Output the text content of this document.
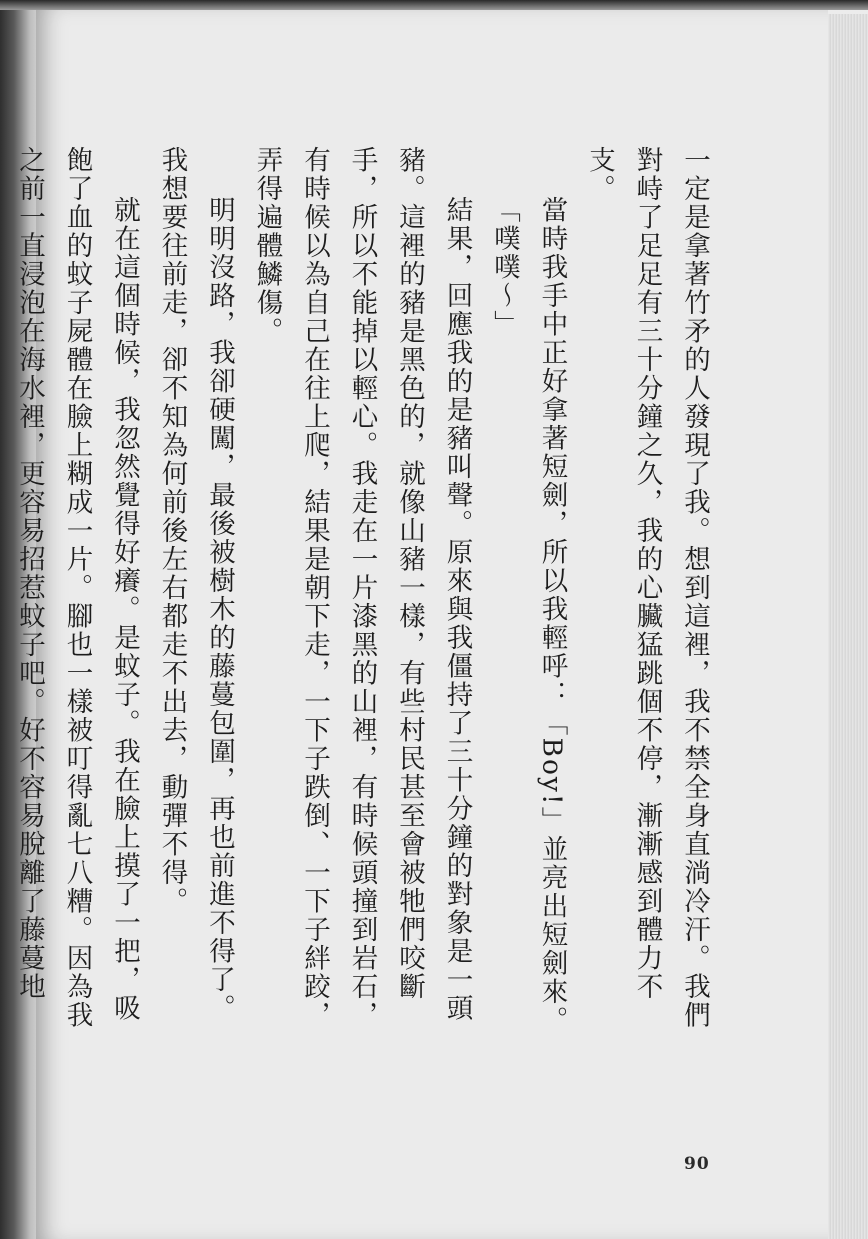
一定是拿著竹矛的人發現了我。想到這裡，我不禁全身直淌冷汗。我們對峙了足足有三十分鐘之久，我的心臟猛跳個不停，漸漸感到體力不支。

當時我手中正好拿著短劍，所以我輕呼：「Boy!」並亮出短劍來。

「噗噗～」

結果，回應我的是豬叫聲。原來與我僵持了三十分鐘的對象是一頭豬。這裡的豬是黑色的，就像山豬一樣，有些村民甚至會被牠們咬斷手，所以不能掉以輕心。我走在一片漆黑的山裡，有時候頭撞到岩石，有時候以為自己在往上爬，結果是朝下走，一下子跌倒、一下子絆跤，弄得遍體鱗傷。

明明沒路，我卻硬闖，最後被樹木的藤蔓包圍，再也前進不得了。我想要往前走，卻不知為何前後左右都走不出去，動彈不得。

就在這個時候，我忽然覺得好癢。是蚊子。我在臉上摸了一把，吸飽了血的蚊子屍體在臉上糊成一片。腳也一樣被叮得亂七八糟。因為我之前一直浸泡在海水裡，更容易招惹蚊子吧。好不容易脫離了藤蔓地

90
